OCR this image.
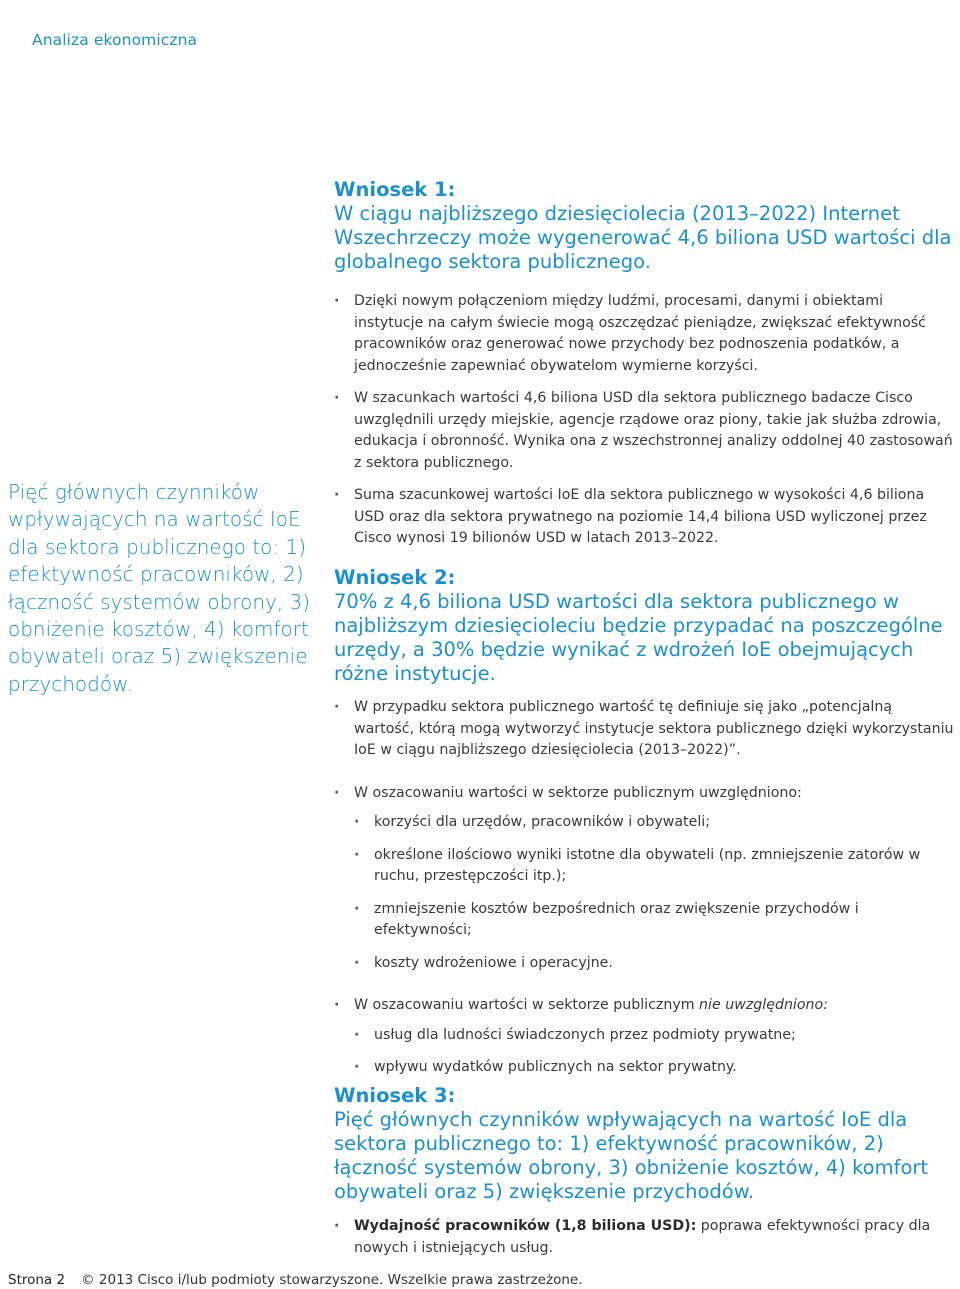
Analiza ekonomiczna
Pięć głównych czynników wpływających na wartość IoE dla sektora publicznego to: 1) efektywność pracowników, 2) łączność systemów obrony, 3) obniżenie kosztów, 4) komfort obywateli oraz 5) zwiększenie przychodów.
Wniosek 1:
W ciągu najbliższego dziesięciolecia (2013–2022) Internet Wszechrzeczy może wygenerować 4,6 biliona USD wartości dla globalnego sektora publicznego.
· Dzięki nowym połączeniom między ludźmi, procesami, danymi i obiektami instytucje na całym świecie mogą oszczędzać pieniądze, zwiększać efektywność pracowników oraz generować nowe przychody bez podnoszenia podatków, a jednocześnie zapewniać obywatelom wymierne korzyści.
· W szacunkach wartości 4,6 biliona USD dla sektora publicznego badacze Cisco uwzględnili urzędy miejskie, agencje rządowe oraz piony, takie jak służba zdrowia, edukacja i obronność. Wynika ona z wszechstronnej analizy oddolnej 40 zastosowań z sektora publicznego.
· Suma szacunkowej wartości IoE dla sektora publicznego w wysokości 4,6 biliona USD oraz dla sektora prywatnego na poziomie 14,4 biliona USD wyliczonej przez Cisco wynosi 19 bilionów USD w latach 2013–2022.
Wniosek 2:
70% z 4,6 biliona USD wartości dla sektora publicznego w najbliższym dziesięcioleciu będzie przypadać na poszczególne urzędy, a 30% będzie wynikać z wdrożeń IoE obejmujących różne instytucje.
· W przypadku sektora publicznego wartość tę definiuje się jako „potencjalną wartość, którą mogą wytworzyć instytucje sektora publicznego dzięki wykorzystaniu IoE w ciągu najbliższego dziesięciolecia (2013–2022)”.
· W oszacowaniu wartości w sektorze publicznym uwzględniono:
· korzyści dla urzędów, pracowników i obywateli;
· określone ilościowo wyniki istotne dla obywateli (np. zmniejszenie zatorów w ruchu, przestępczości itp.);
· zmniejszenie kosztów bezpośrednich oraz zwiększenie przychodów i efektywności;
· koszty wdrożeniowe i operacyjne.
· W oszacowaniu wartości w sektorze publicznym nie uwzględniono:
· usług dla ludności świadczonych przez podmioty prywatne;
· wpływu wydatków publicznych na sektor prywatny.
Wniosek 3:
Pięć głównych czynników wpływających na wartość IoE dla sektora publicznego to: 1) efektywność pracowników, 2) łączność systemów obrony, 3) obniżenie kosztów, 4) komfort obywateli oraz 5) zwiększenie przychodów.
· Wydajność pracowników (1,8 biliona USD): poprawa efektywności pracy dla nowych i istniejących usług.
Strona 2 © 2013 Cisco i/lub podmioty stowarzyszone. Wszelkie prawa zastrzeżone.
